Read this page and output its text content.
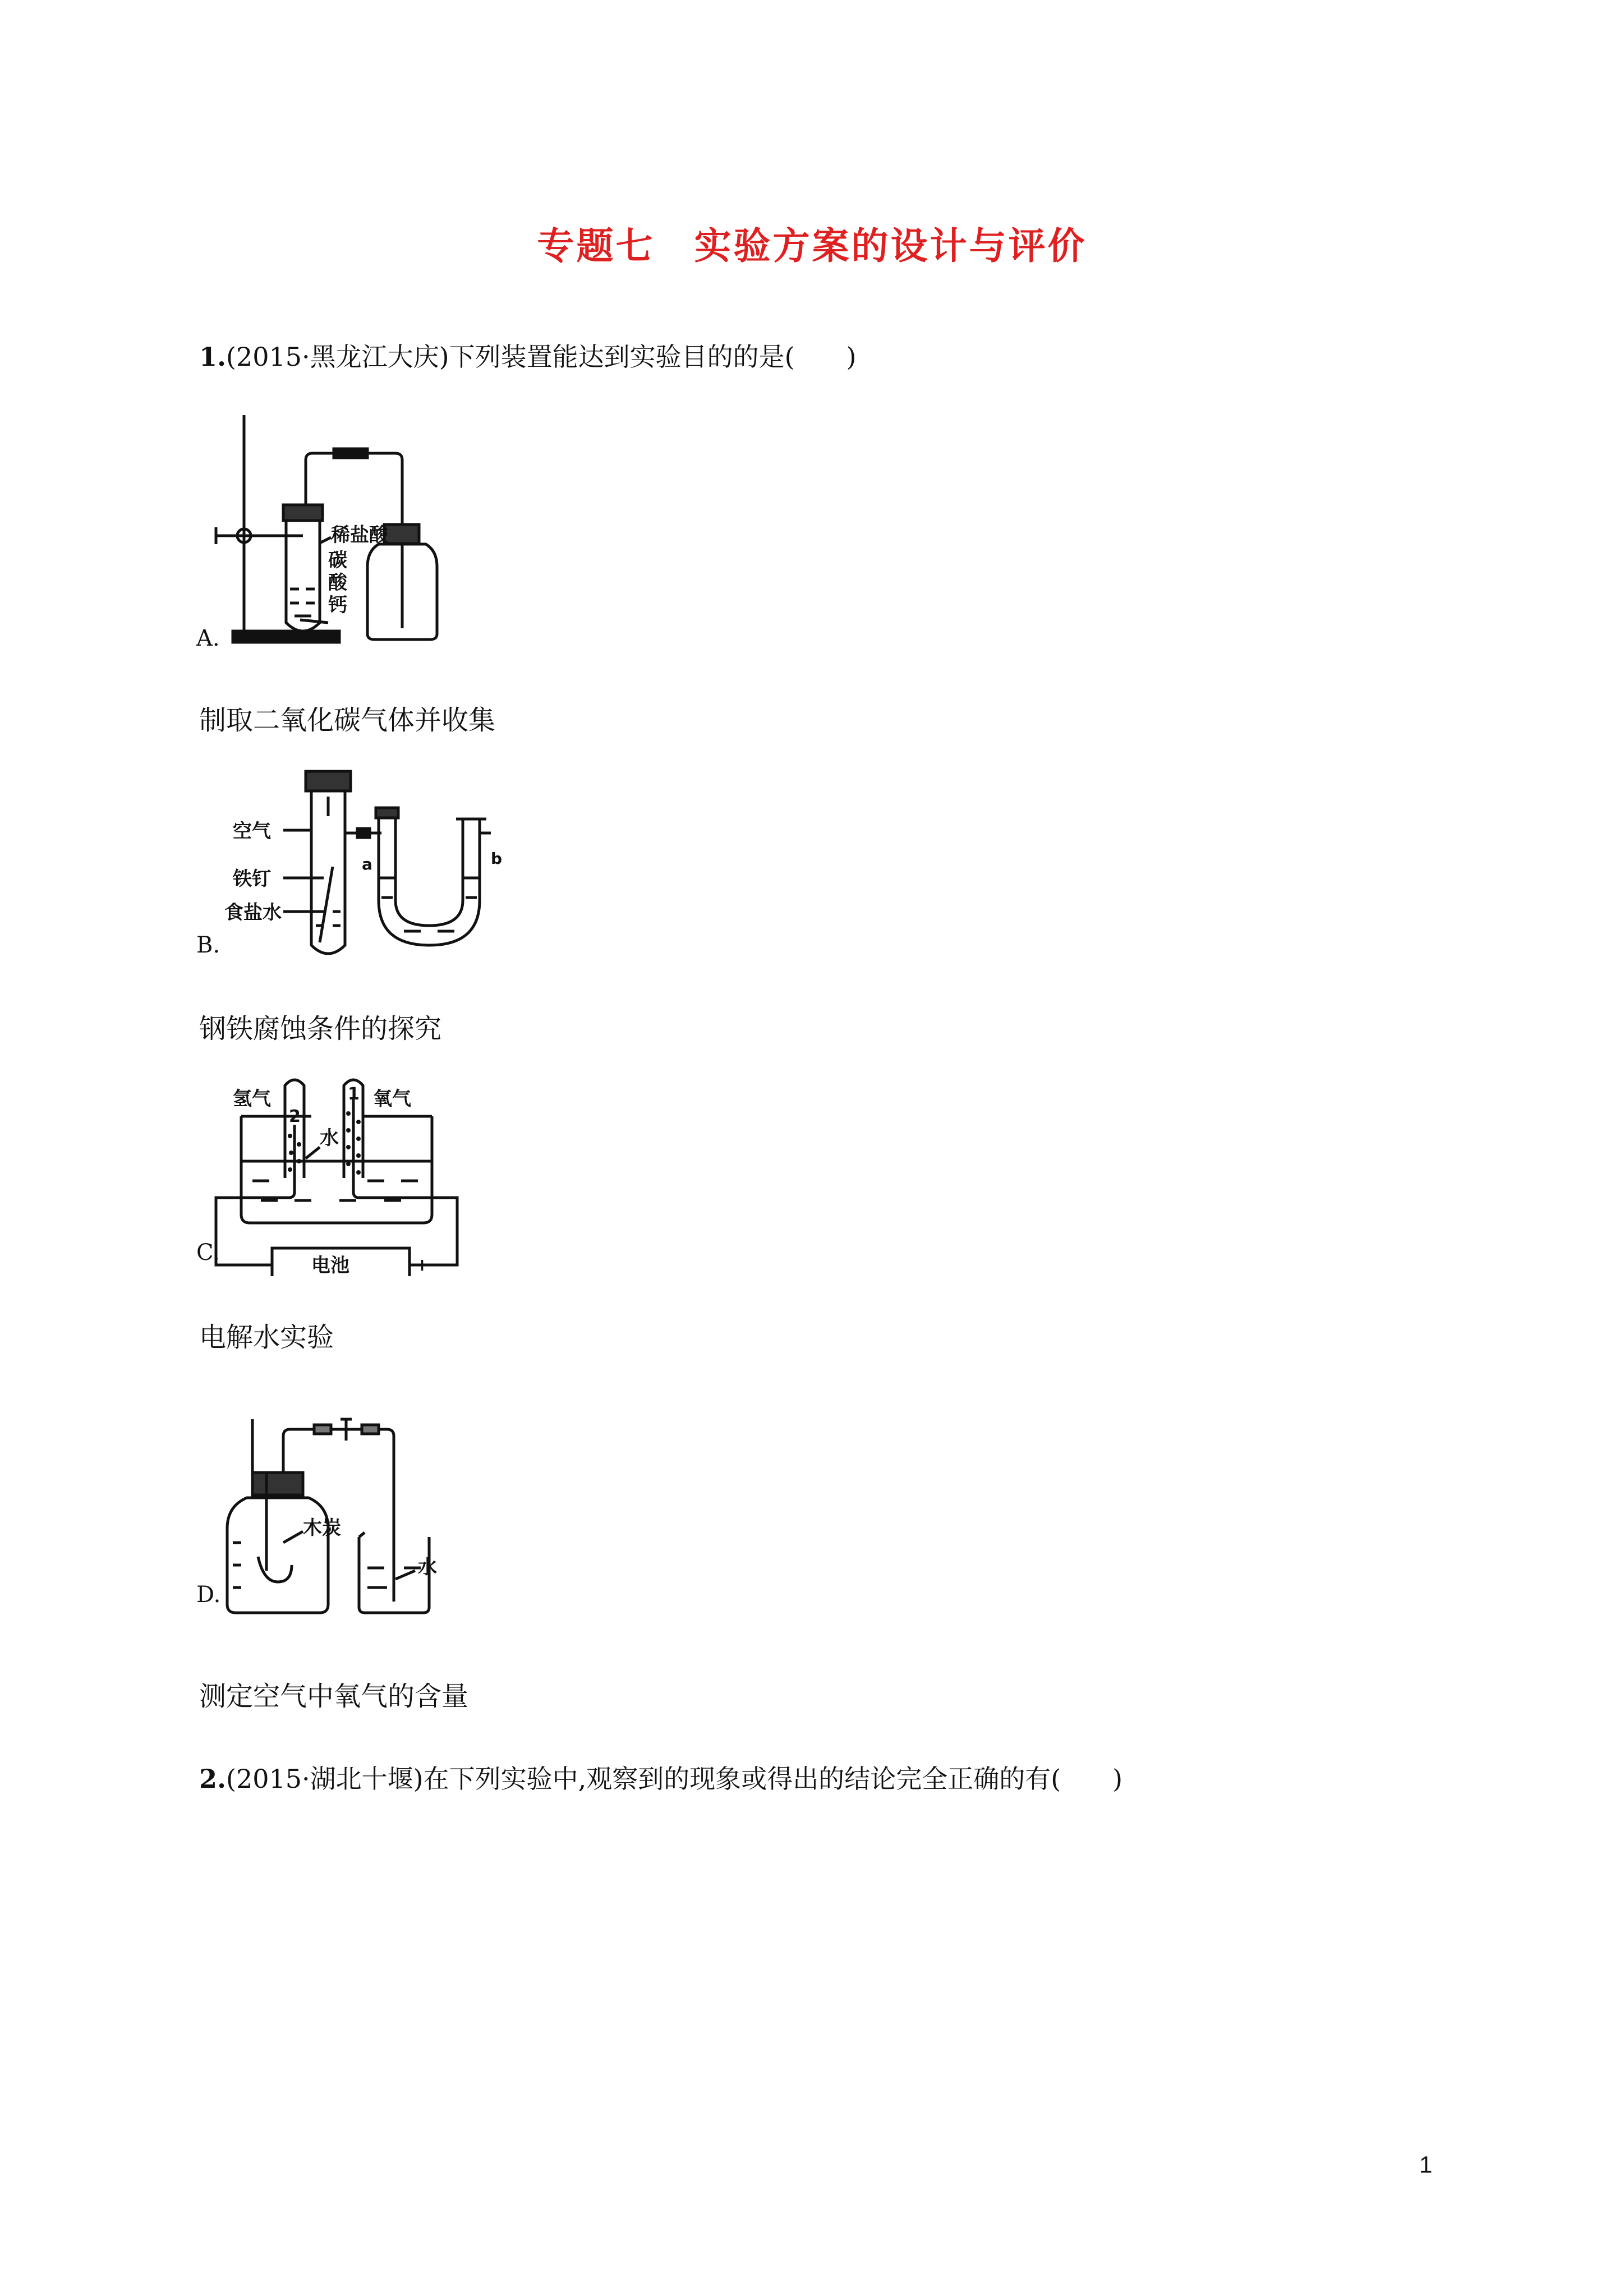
专题七　实验方案的设计与评价
1.(2015·黑龙江大庆)下列装置能达到实验目的的是(　　)
稀盐酸
碳
酸
钙
A.
制取二氧化碳气体并收集
空气
铁钉
食盐水
a	b
B.
钢铁腐蚀条件的探究
氢气	氧气
2
1
水
电池
−	+
C.
电解水实验
木炭
水
D.
测定空气中氧气的含量
2.(2015·湖北十堰)在下列实验中,观察到的现象或得出的结论完全正确的有(　　)
1
